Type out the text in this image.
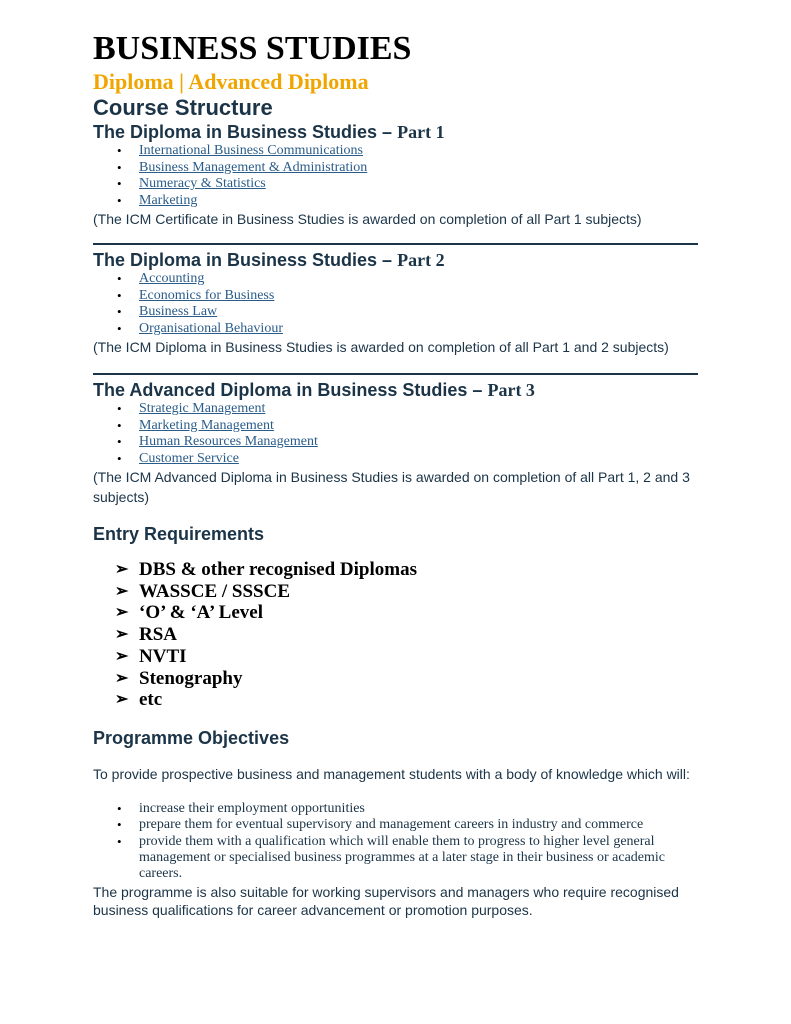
BUSINESS STUDIES
Diploma | Advanced Diploma
Course Structure
The Diploma in Business Studies – Part 1
• International Business Communications
• Business Management & Administration
• Numeracy & Statistics
• Marketing

(The ICM Certificate in Business Studies is awarded on completion of all Part 1 subjects)

The Diploma in Business Studies – Part 2
• Accounting
• Economics for Business
• Business Law
• Organisational Behaviour

(The ICM Diploma in Business Studies is awarded on completion of all Part 1 and 2 subjects)

The Advanced Diploma in Business Studies – Part 3
• Strategic Management
• Marketing Management
• Human Resources Management
• Customer Service

(The ICM Advanced Diploma in Business Studies is awarded on completion of all Part 1, 2 and 3 subjects)

Entry Requirements
➢ DBS & other recognised Diplomas
➢ WASSCE / SSSCE
➢ ‘O’ & ‘A’ Level
➢ RSA
➢ NVTI
➢ Stenography
➢ etc
Programme Objectives

To provide prospective business and management students with a body of knowledge which will:

• increase their employment opportunities
• prepare them for eventual supervisory and management careers in industry and commerce
• provide them with a qualification which will enable them to progress to higher level general management or specialised business programmes at a later stage in their business or academic careers.

The programme is also suitable for working supervisors and managers who require recognised business qualifications for career advancement or promotion purposes.
